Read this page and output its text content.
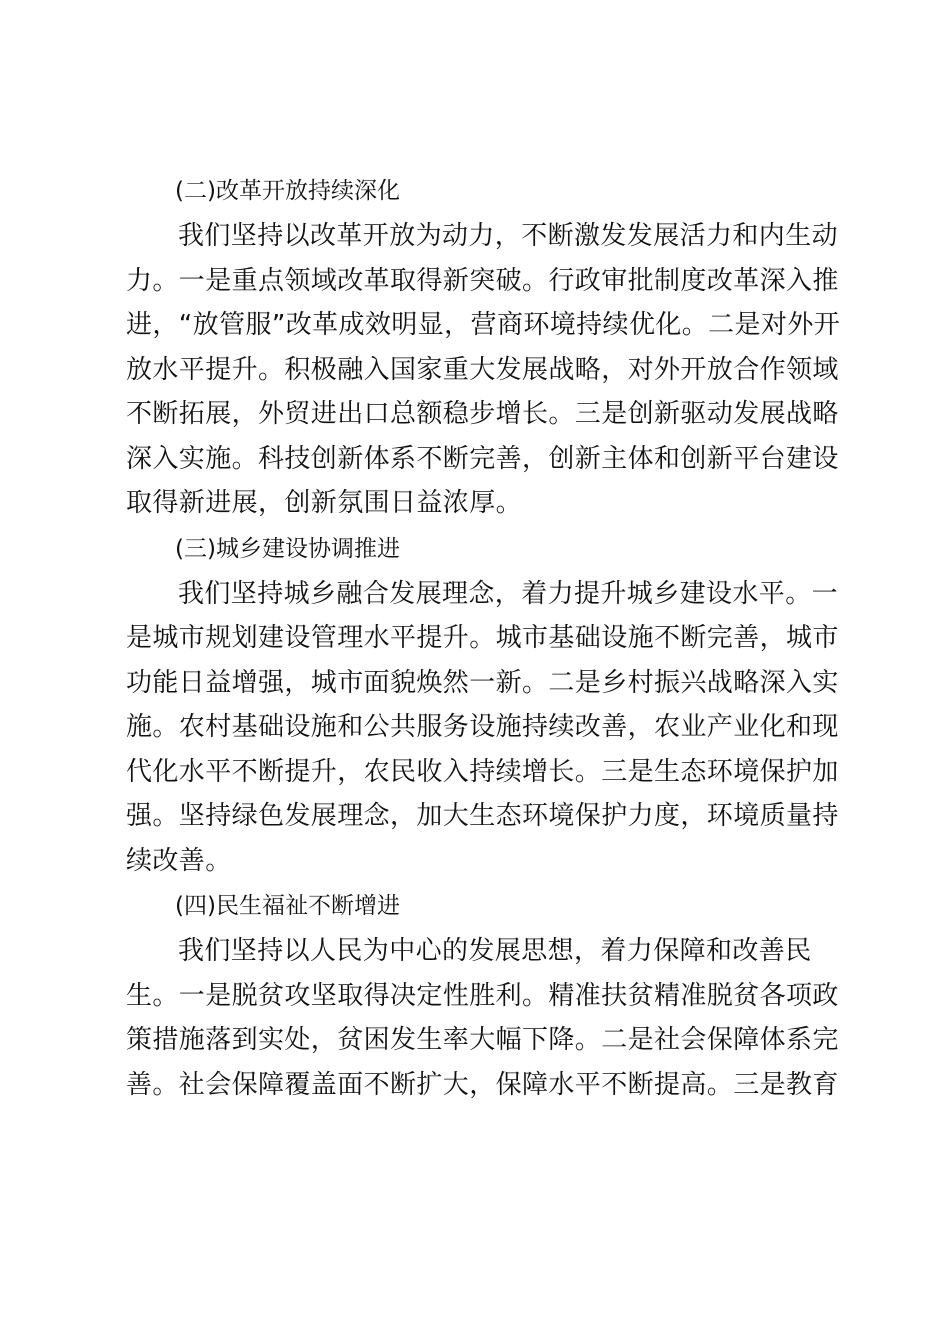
(二)改革开放持续深化
我们坚持以改革开放为动力，不断激发发展活力和内生动
力。一是重点领域改革取得新突破。行政审批制度改革深入推
进，“放管服”改革成效明显，营商环境持续优化。二是对外开
放水平提升。积极融入国家重大发展战略，对外开放合作领域
不断拓展，外贸进出口总额稳步增长。三是创新驱动发展战略
深入实施。科技创新体系不断完善，创新主体和创新平台建设
取得新进展，创新氛围日益浓厚。
(三)城乡建设协调推进
我们坚持城乡融合发展理念，着力提升城乡建设水平。一
是城市规划建设管理水平提升。城市基础设施不断完善，城市
功能日益增强，城市面貌焕然一新。二是乡村振兴战略深入实
施。农村基础设施和公共服务设施持续改善，农业产业化和现
代化水平不断提升，农民收入持续增长。三是生态环境保护加
强。坚持绿色发展理念，加大生态环境保护力度，环境质量持
续改善。
(四)民生福祉不断增进
我们坚持以人民为中心的发展思想，着力保障和改善民
生。一是脱贫攻坚取得决定性胜利。精准扶贫精准脱贫各项政
策措施落到实处，贫困发生率大幅下降。二是社会保障体系完
善。社会保障覆盖面不断扩大，保障水平不断提高。三是教育
